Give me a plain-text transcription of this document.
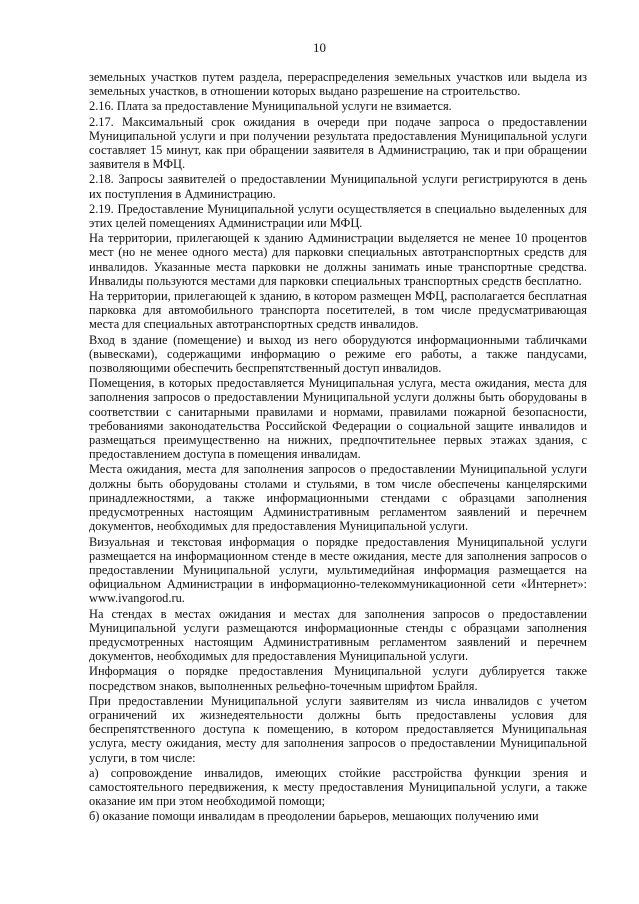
10

земельных участков путем раздела, перераспределения земельных участков или выдела из земельных участков, в отношении которых выдано разрешение на строительство.

2.16. Плата за предоставление Муниципальной услуги не взимается.

2.17. Максимальный срок ожидания в очереди при подаче запроса о предоставлении Муниципальной услуги и при получении результата предоставления Муниципальной услуги составляет 15 минут, как при обращении заявителя в Администрацию, так и при обращении заявителя в МФЦ.

2.18. Запросы заявителей о предоставлении Муниципальной услуги регистрируются в день их поступления в Администрацию.

2.19. Предоставление Муниципальной услуги осуществляется в специально выделенных для этих целей помещениях Администрации или МФЦ.

На территории, прилегающей к зданию Администрации выделяется не менее 10 процентов мест (но не менее одного места) для парковки специальных автотранспортных средств для инвалидов. Указанные места парковки не должны занимать иные транспортные средства. Инвалиды пользуются местами для парковки специальных транспортных средств бесплатно.

На территории, прилегающей к зданию, в котором размещен МФЦ, располагается бесплатная парковка для автомобильного транспорта посетителей, в том числе предусматривающая места для специальных автотранспортных средств инвалидов.

Вход в здание (помещение) и выход из него оборудуются информационными табличками (вывесками), содержащими информацию о режиме его работы, а также пандусами, позволяющими обеспечить беспрепятственный доступ инвалидов.

Помещения, в которых предоставляется Муниципальная услуга, места ожидания, места для заполнения запросов о предоставлении Муниципальной услуги должны быть оборудованы в соответствии с санитарными правилами и нормами, правилами пожарной безопасности, требованиями законодательства Российской Федерации о социальной защите инвалидов и размещаться преимущественно на нижних, предпочтительнее первых этажах здания, с предоставлением доступа в помещения инвалидам.

Места ожидания, места для заполнения запросов о предоставлении Муниципальной услуги должны быть оборудованы столами и стульями, в том числе обеспечены канцелярскими принадлежностями, а также информационными стендами с образцами заполнения предусмотренных настоящим Административным регламентом заявлений и перечнем документов, необходимых для предоставления Муниципальной услуги.

Визуальная и текстовая информация о порядке предоставления Муниципальной услуги размещается на информационном стенде в месте ожидания, месте для заполнения запросов о предоставлении Муниципальной услуги, мультимедийная информация размещается на официальном Администрации в информационно-телекоммуникационной сети «Интернет»: www.ivangorod.ru.

На стендах в местах ожидания и местах для заполнения запросов о предоставлении Муниципальной услуги размещаются информационные стенды с образцами заполнения предусмотренных настоящим Административным регламентом заявлений и перечнем документов, необходимых для предоставления Муниципальной услуги.

Информация о порядке предоставления Муниципальной услуги дублируется также посредством знаков, выполненных рельефно-точечным шрифтом Брайля.

При предоставлении Муниципальной услуги заявителям из числа инвалидов с учетом ограничений их жизнедеятельности должны быть предоставлены условия для беспрепятственного доступа к помещению, в котором предоставляется Муниципальная услуга, месту ожидания, месту для заполнения запросов о предоставлении Муниципальной услуги, в том числе:

а) сопровождение инвалидов, имеющих стойкие расстройства функции зрения и самостоятельного передвижения, к месту предоставления Муниципальной услуги, а также оказание им при этом необходимой помощи;

б) оказание помощи инвалидам в преодолении барьеров, мешающих получению ими
